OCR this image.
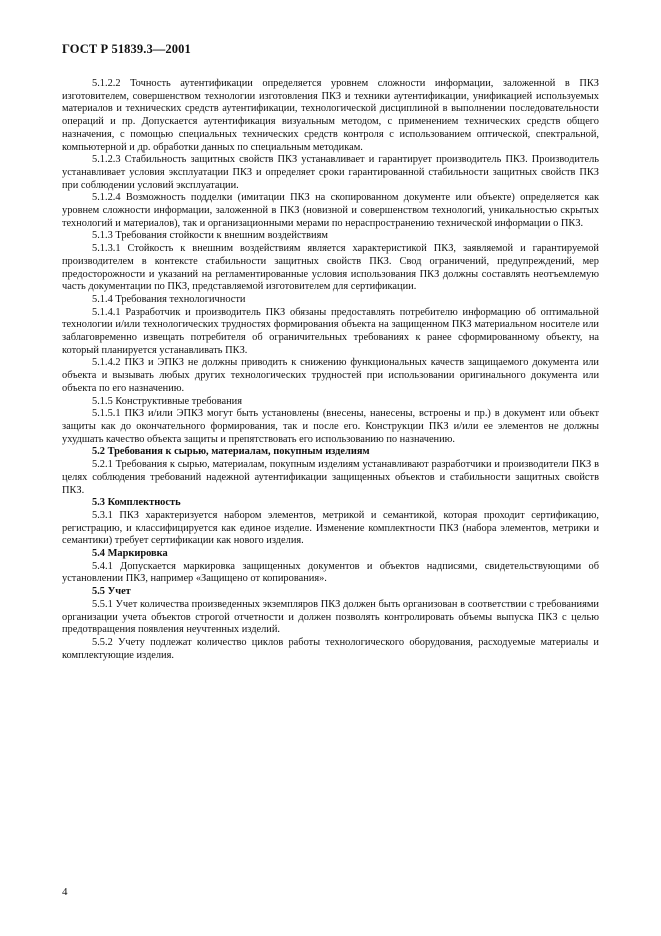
ГОСТ Р 51839.3—2001

5.1.2.2 Точность аутентификации определяется уровнем сложности информации, заложенной в ПКЗ изготовителем, совершенством технологии изготовления ПКЗ и техники аутентификации, унификацией используемых материалов и технических средств аутентификации, технологической дисциплиной в выполнении последовательности операций и пр. Допускается аутентификация визуальным методом, с применением технических средств общего назначения, с помощью специальных технических средств контроля с использованием оптической, спектральной, компьютерной и др. обработки данных по специальным методикам.

5.1.2.3 Стабильность защитных свойств ПКЗ устанавливает и гарантирует производитель ПКЗ. Производитель устанавливает условия эксплуатации ПКЗ и определяет сроки гарантированной стабильности защитных свойств ПКЗ при соблюдении условий эксплуатации.

5.1.2.4 Возможность подделки (имитации ПКЗ на скопированном документе или объекте) определяется как уровнем сложности информации, заложенной в ПКЗ (новизной и совершенством технологий, уникальностью скрытых технологий и материалов), так и организационными мерами по нераспространению технической информации о ПКЗ.

5.1.3 Требования стойкости к внешним воздействиям

5.1.3.1 Стойкость к внешним воздействиям является характеристикой ПКЗ, заявляемой и гарантируемой производителем в контексте стабильности защитных свойств ПКЗ. Свод ограничений, предупреждений, мер предосторожности и указаний на регламентированные условия использования ПКЗ должны составлять неотъемлемую часть документации по ПКЗ, представляемой изготовителем для сертификации.

5.1.4 Требования технологичности

5.1.4.1 Разработчик и производитель ПКЗ обязаны предоставлять потребителю информацию об оптимальной технологии и/или технологических трудностях формирования объекта на защищенном ПКЗ материальном носителе или заблаговременно извещать потребителя об ограничительных требованиях к ранее сформированному объекту, на который планируется устанавливать ПКЗ.

5.1.4.2 ПКЗ и ЭПКЗ не должны приводить к снижению функциональных качеств защищаемого документа или объекта и вызывать любых других технологических трудностей при использовании оригинального документа или объекта по его назначению.

5.1.5 Конструктивные требования

5.1.5.1 ПКЗ и/или ЭПКЗ могут быть установлены (внесены, нанесены, встроены и пр.) в документ или объект защиты как до окончательного формирования, так и после его. Конструкции ПКЗ и/или ее элементов не должны ухудшать качество объекта защиты и препятствовать его использованию по назначению.

5.2 Требования к сырью, материалам, покупным изделиям

5.2.1 Требования к сырью, материалам, покупным изделиям устанавливают разработчики и производители ПКЗ в целях соблюдения требований надежной аутентификации защищенных объектов и стабильности защитных свойств ПКЗ.

5.3 Комплектность

5.3.1 ПКЗ характеризуется набором элементов, метрикой и семантикой, которая проходит сертификацию, регистрацию, и классифицируется как единое изделие. Изменение комплектности ПКЗ (набора элементов, метрики и семантики) требует сертификации как нового изделия.

5.4 Маркировка

5.4.1 Допускается маркировка защищенных документов и объектов надписями, свидетельствующими об установлении ПКЗ, например «Защищено от копирования».

5.5 Учет

5.5.1 Учет количества произведенных экземпляров ПКЗ должен быть организован в соответствии с требованиями организации учета объектов строгой отчетности и должен позволять контролировать объемы выпуска ПКЗ с целью предотвращения появления неучтенных изделий.

5.5.2 Учету подлежат количество циклов работы технологического оборудования, расходуемые материалы и комплектующие изделия.

4
